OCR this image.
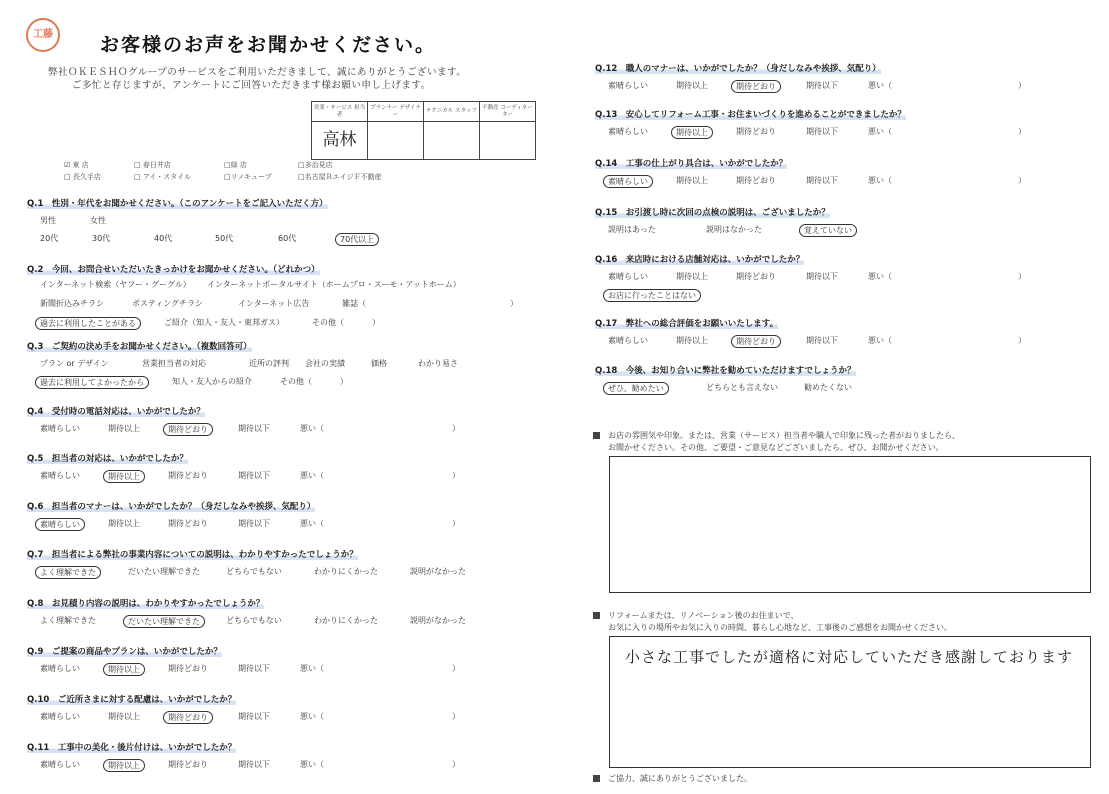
工藤 お客様のお声をお聞かせください。
弊社ＯＫＥＳＨＯグループのサービスをご利用いただきまして、誠にありがとうございます。
ご多忙と存じますが、アンケートにご回答いただきます様お願い申し上げます。
営業・サービス 担当者	プランナー デザイナー	テクニカル スタッフ	不動産 コーディネーター
高林			
☑ 東 店	□ 春日井店	□緑 店	□多治見店
□ 長久手店	□ アイ・スタイル	□リノキューブ	□名古屋ＲエイジＦ不動産
Q.1　性別・年代をお聞かせください。（このアンケートをご記入いただく方）
男性	女性
20代	30代	40代	50代	60代	70代以上
Q.2　今回、お問合せいただいたきっかけをお聞かせください。（どれかつ）
インターネット検索（ヤフー・グーグル） インターネットポータルサイト（ホームプロ・スーモ・アットホーム）
新聞折込みチラシ	ポスティングチラシ	インターネット広告	雑誌（	）
過去に利用したことがある	ご紹介（知人・友人・東邦ガス）	その他（	）
Q.3　ご契約の決め手をお聞かせください。（複数回答可）
プラン or デザイン	営業担当者の対応	近所の評判 会社の実績	価格	わかり易さ
過去に利用してよかったから	知人・友人からの紹介	その他（	）
Q.4　受付時の電話対応は、いかがでしたか？
素晴らしい	期待以上	期待どおり	期待以下	悪い（	）
Q.5　担当者の対応は、いかがでしたか？
素晴らしい	期待以上	期待どおり	期待以下	悪い（	）
Q.6　担当者のマナーは、いかがでしたか？（身だしなみや挨拶、気配り）
素晴らしい	期待以上	期待どおり	期待以下	悪い（	）
Q.7　担当者による弊社の事業内容についての説明は、わかりやすかったでしょうか？
よく理解できた	だいたい理解できた	どちらでもない	わかりにくかった	説明がなかった
Q.8　お見積り内容の説明は、わかりやすかったでしょうか？
よく理解できた	だいたい理解できた	どちらでもない	わかりにくかった	説明がなかった
Q.9　ご提案の商品やプランは、いかがでしたか？
素晴らしい	期待以上	期待どおり	期待以下	悪い（	）
Q.10　ご近所さまに対する配慮は、いかがでしたか？
素晴らしい	期待以上	期待どおり	期待以下	悪い（	）
Q.11　工事中の美化・後片付けは、いかがでしたか？
素晴らしい	期待以上	期待どおり	期待以下	悪い（	）
Q.12　職人のマナーは、いかがでしたか？（身だしなみや挨拶、気配り）
素晴らしい	期待以上	期待どおり	期待以下	悪い（	）
Q.13　安心してリフォーム工事・お住まいづくりを進めることができましたか？
素晴らしい	期待以上	期待どおり	期待以下	悪い（	）
Q.14　工事の仕上がり具合は、いかがでしたか？
素晴らしい	期待以上	期待どおり	期待以下	悪い（	）
Q.15　お引渡し時に次回の点検の説明は、ございましたか？
説明はあった	説明はなかった	覚えていない
Q.16　来店時における店舗対応は、いかがでしたか？
素晴らしい	期待以上	期待どおり	期待以下	悪い（	）
お店に行ったことはない
Q.17　弊社への総合評価をお願いいたします。
素晴らしい	期待以上	期待どおり	期待以下	悪い（	）
Q.18　今後、お知り合いに弊社を勧めていただけますでしょうか？
ぜひ、勧めたい	どちらとも言えない	勧めたくない
お店の雰囲気や印象。または、営業（サービス）担当者や職人で印象に残った者がおりましたら、
お聞かせください。その他、ご要望・ご意見などございましたら、ぜひ、お聞かせください。
リフォームまたは、リノベーション後のお住まいで、
お気に入りの場所やお気に入りの時間、暮らし心地など、工事後のご感想をお聞かせください。
小さな工事でしたが適格に対応していただき感謝しております
ご協力、誠にありがとうございました。
